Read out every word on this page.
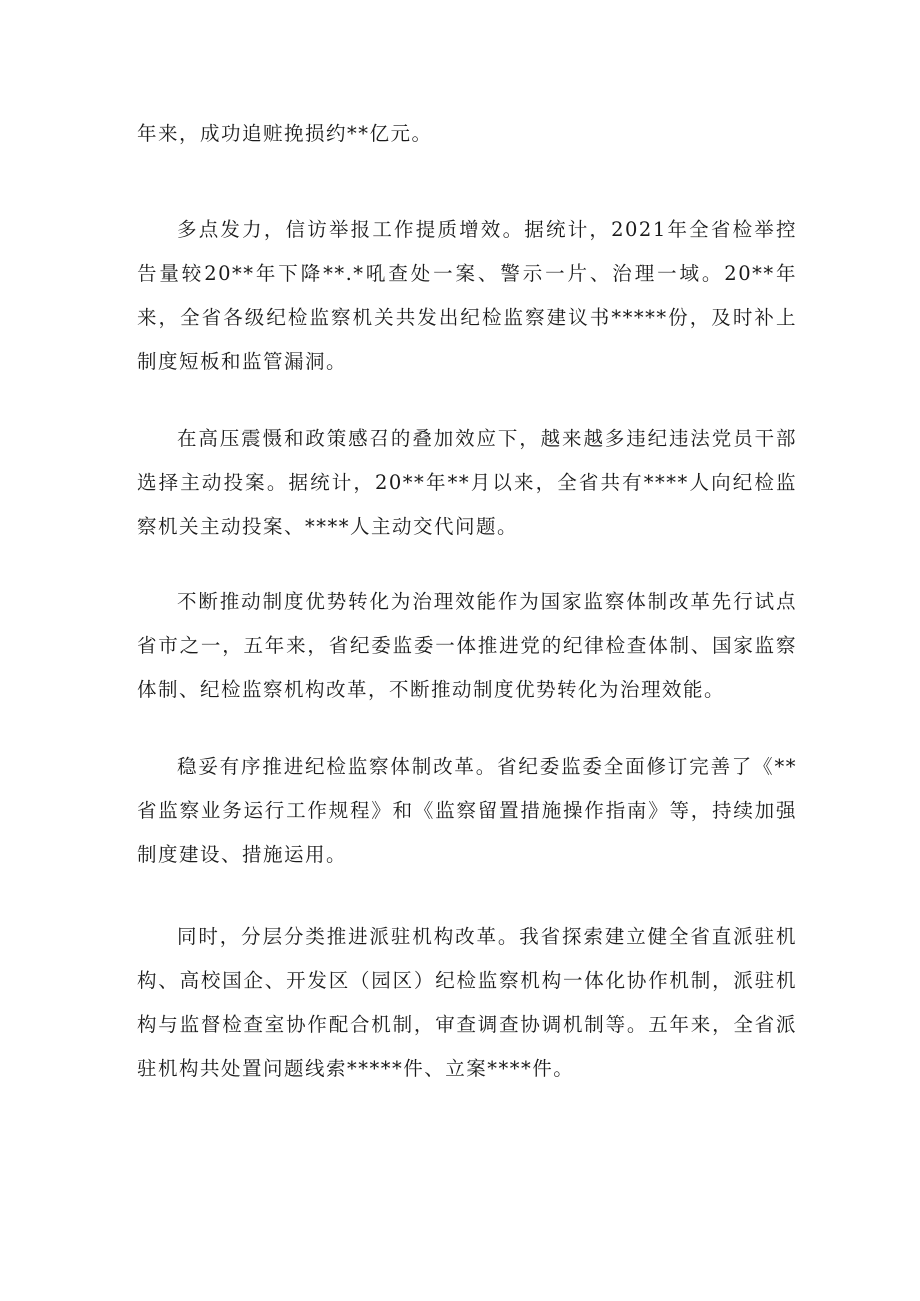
年来，成功追赃挽损约**亿元。

多点发力，信访举报工作提质增效。据统计，2021年全省检举控告量较20**年下降**.*吼查处一案、警示一片、治理一域。20**年来，全省各级纪检监察机关共发出纪检监察建议书*****份，及时补上制度短板和监管漏洞。

在高压震慑和政策感召的叠加效应下，越来越多违纪违法党员干部选择主动投案。据统计，20**年**月以来，全省共有****人向纪检监察机关主动投案、****人主动交代问题。

不断推动制度优势转化为治理效能作为国家监察体制改革先行试点省市之一，五年来，省纪委监委一体推进党的纪律检查体制、国家监察体制、纪检监察机构改革，不断推动制度优势转化为治理效能。

稳妥有序推进纪检监察体制改革。省纪委监委全面修订完善了《**省监察业务运行工作规程》和《监察留置措施操作指南》等，持续加强制度建设、措施运用。

同时，分层分类推进派驻机构改革。我省探索建立健全省直派驻机构、高校国企、开发区（园区）纪检监察机构一体化协作机制，派驻机构与监督检查室协作配合机制，审查调查协调机制等。五年来，全省派驻机构共处置问题线索*****件、立案****件。
